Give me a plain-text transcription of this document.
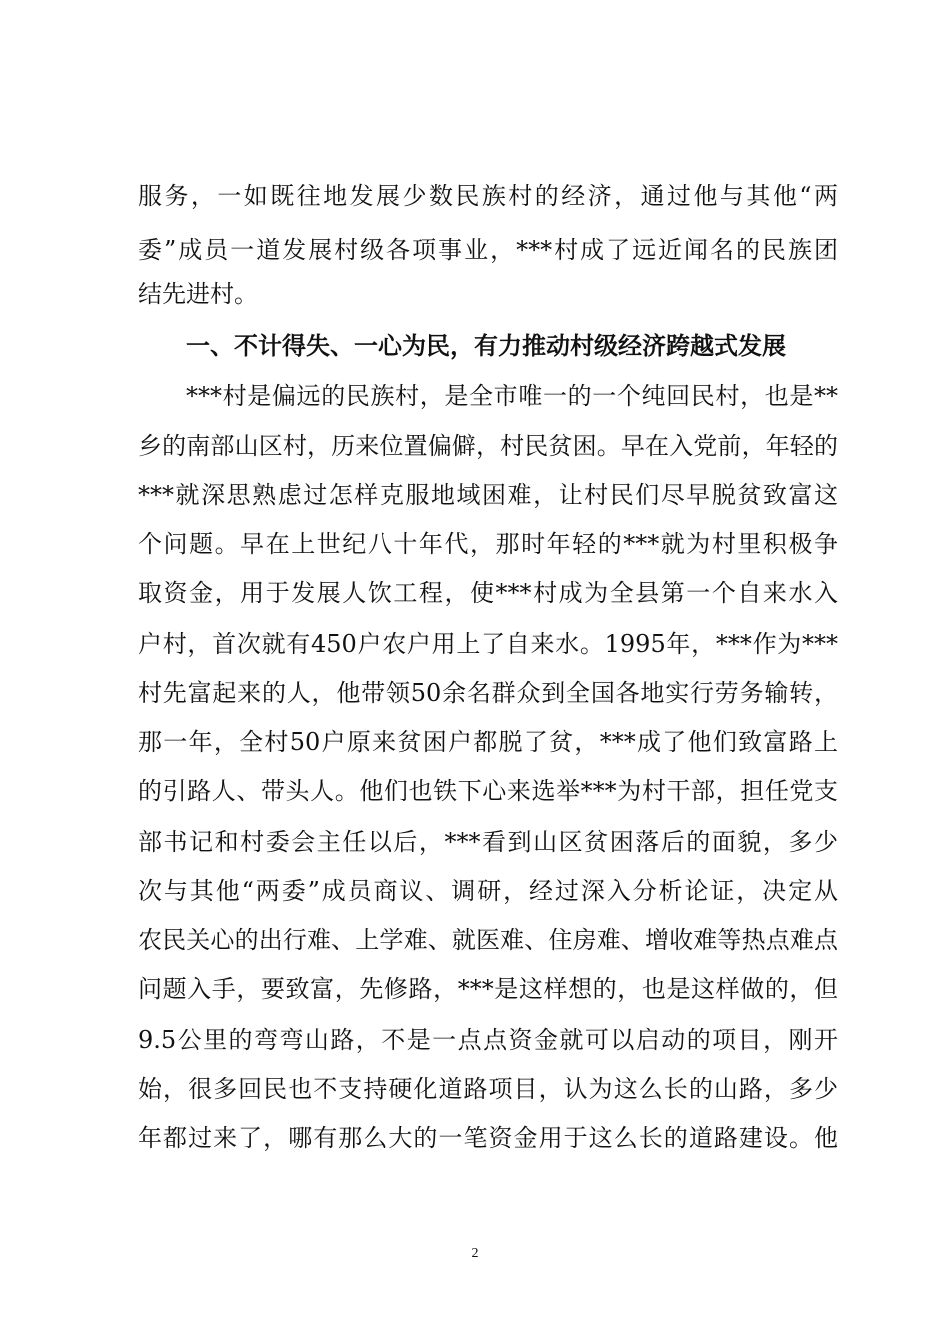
服务，一如既往地发展少数民族村的经济，通过他与其他“两
委”成员一道发展村级各项事业，***村成了远近闻名的民族团
结先进村。
一、不计得失、一心为民，有力推动村级经济跨越式发展
***村是偏远的民族村，是全市唯一的一个纯回民村，也是**
乡的南部山区村，历来位置偏僻，村民贫困。早在入党前，年轻的
***就深思熟虑过怎样克服地域困难，让村民们尽早脱贫致富这
个问题。早在上世纪八十年代，那时年轻的***就为村里积极争
取资金，用于发展人饮工程，使***村成为全县第一个自来水入
户村，首次就有450户农户用上了自来水。1995年，***作为***
村先富起来的人，他带领50余名群众到全国各地实行劳务输转，
那一年，全村50户原来贫困户都脱了贫，***成了他们致富路上
的引路人、带头人。他们也铁下心来选举***为村干部，担任党支
部书记和村委会主任以后，***看到山区贫困落后的面貌，多少
次与其他“两委”成员商议、调研，经过深入分析论证，决定从
农民关心的出行难、上学难、就医难、住房难、增收难等热点难点
问题入手，要致富，先修路，***是这样想的，也是这样做的，但
9.5公里的弯弯山路，不是一点点资金就可以启动的项目，刚开
始，很多回民也不支持硬化道路项目，认为这么长的山路，多少
年都过来了，哪有那么大的一笔资金用于这么长的道路建设。他
2
